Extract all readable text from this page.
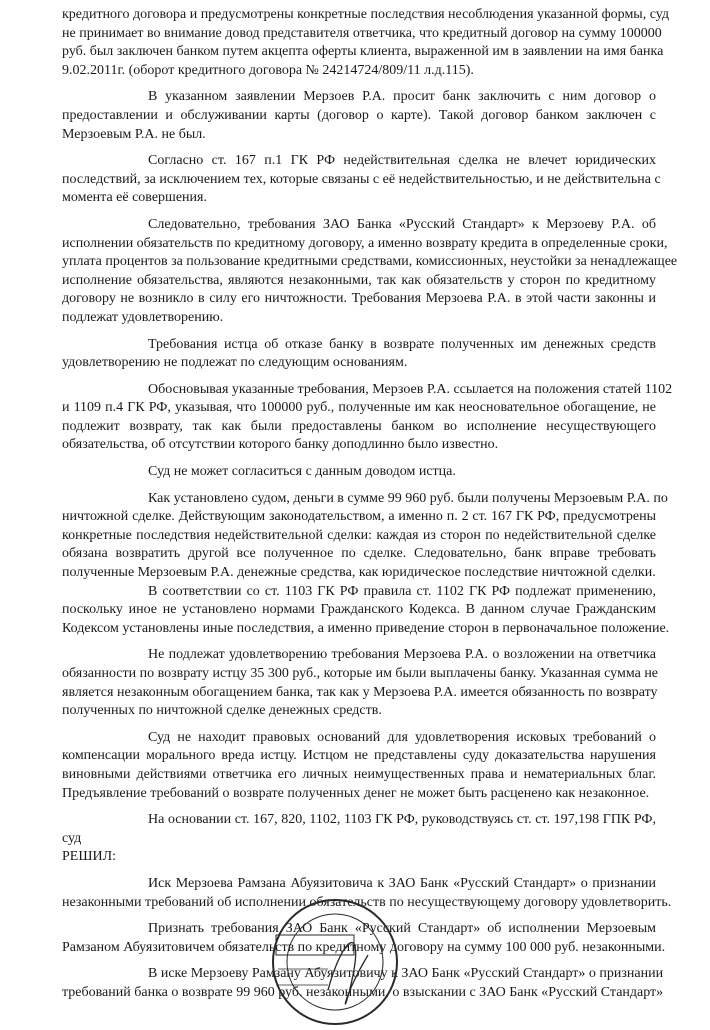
кредитного договора и предусмотрены конкретные последствия несоблюдения указанной формы, суд
не принимает во внимание довод представителя ответчика, что кредитный договор на сумму 100000
руб. был заключен банком путем акцепта оферты клиента, выраженной им в заявлении на имя банка
9.02.2011г. (оборот кредитного договора № 24214724/809/11 л.д.115).
В указанном заявлении Мерзоев Р.А. просит банк заключить с ним договор о
предоставлении и обслуживании карты (договор о карте). Такой договор банком заключен с
Мерзоевым Р.А. не был.
Согласно ст. 167 п.1 ГК РФ недействительная сделка не влечет юридических
последствий, за исключением тех, которые связаны с её недействительностью, и не действительна с
момента её совершения.
Следовательно, требования ЗАО Банка «Русский Стандарт» к Мерзоеву Р.А. об
исполнении обязательств по кредитному договору, а именно возврату кредита в определенные сроки,
уплата процентов за пользование кредитными средствами, комиссионных, неустойки за ненадлежащее
исполнение обязательства, являются незаконными, так как обязательств у сторон по кредитному
договору не возникло в силу его ничтожности. Требования Мерзоева Р.А. в этой части законны и
подлежат удовлетворению.
Требования истца об отказе банку в возврате полученных им денежных средств
удовлетворению не подлежат по следующим основаниям.
Обосновывая указанные требования, Мерзоев Р.А. ссылается на положения статей 1102
и 1109 п.4 ГК РФ, указывая, что 100000 руб., полученные им как неосновательное обогащение, не
подлежит возврату, так как были предоставлены банком во исполнение несуществующего
обязательства, об отсутствии которого банку доподлинно было известно.
Суд не может согласиться с данным доводом истца.
Как установлено судом, деньги в сумме 99 960 руб. были получены Мерзоевым Р.А. по
ничтожной сделке. Действующим законодательством, а именно п. 2 ст. 167 ГК РФ, предусмотрены
конкретные последствия недействительной сделки: каждая из сторон по недействительной сделке
обязана возвратить другой все полученное по сделке. Следовательно, банк вправе требовать
полученные Мерзоевым Р.А. денежные средства, как юридическое последствие ничтожной сделки.
В соответствии со ст. 1103 ГК РФ правила ст. 1102 ГК РФ подлежат применению,
поскольку иное не установлено нормами Гражданского Кодекса. В данном случае Гражданским
Кодексом установлены иные последствия, а именно приведение сторон в первоначальное положение.
Не подлежат удовлетворению требования Мерзоева Р.А. о возложении на ответчика
обязанности по возврату истцу 35 300 руб., которые им были выплачены банку. Указанная сумма не
является незаконным обогащением банка, так как у Мерзоева Р.А. имеется обязанность по возврату
полученных по ничтожной сделке денежных средств.
Суд не находит правовых оснований для удовлетворения исковых требований о
компенсации морального вреда истцу. Истцом не представлены суду доказательства нарушения
виновными действиями ответчика его личных неимущественных права и нематериальных благ.
Предъявление требований о возврате полученных денег не может быть расценено как незаконное.
На основании ст. 167, 820, 1102, 1103 ГК РФ, руководствуясь ст. ст. 197,198 ГПК РФ,
суд
РЕШИЛ:
Иск Мерзоева Рамзана Абуязитовича к ЗАО Банк «Русский Стандарт» о признании
незаконными требований об исполнении обязательств по несуществующему договору удовлетворить.
Признать требования ЗАО Банк «Русский Стандарт» об исполнении Мерзоевым
Рамзаном Абуязитовичем обязательств по кредитному договору на сумму 100 000 руб. незаконными.
В иске Мерзоеву Рамзану Абуязитовичу к ЗАО Банк «Русский Стандарт» о признании
требований банка о возврате 99 960 руб. незаконными, о взыскании с ЗАО Банк «Русский Стандарт»
